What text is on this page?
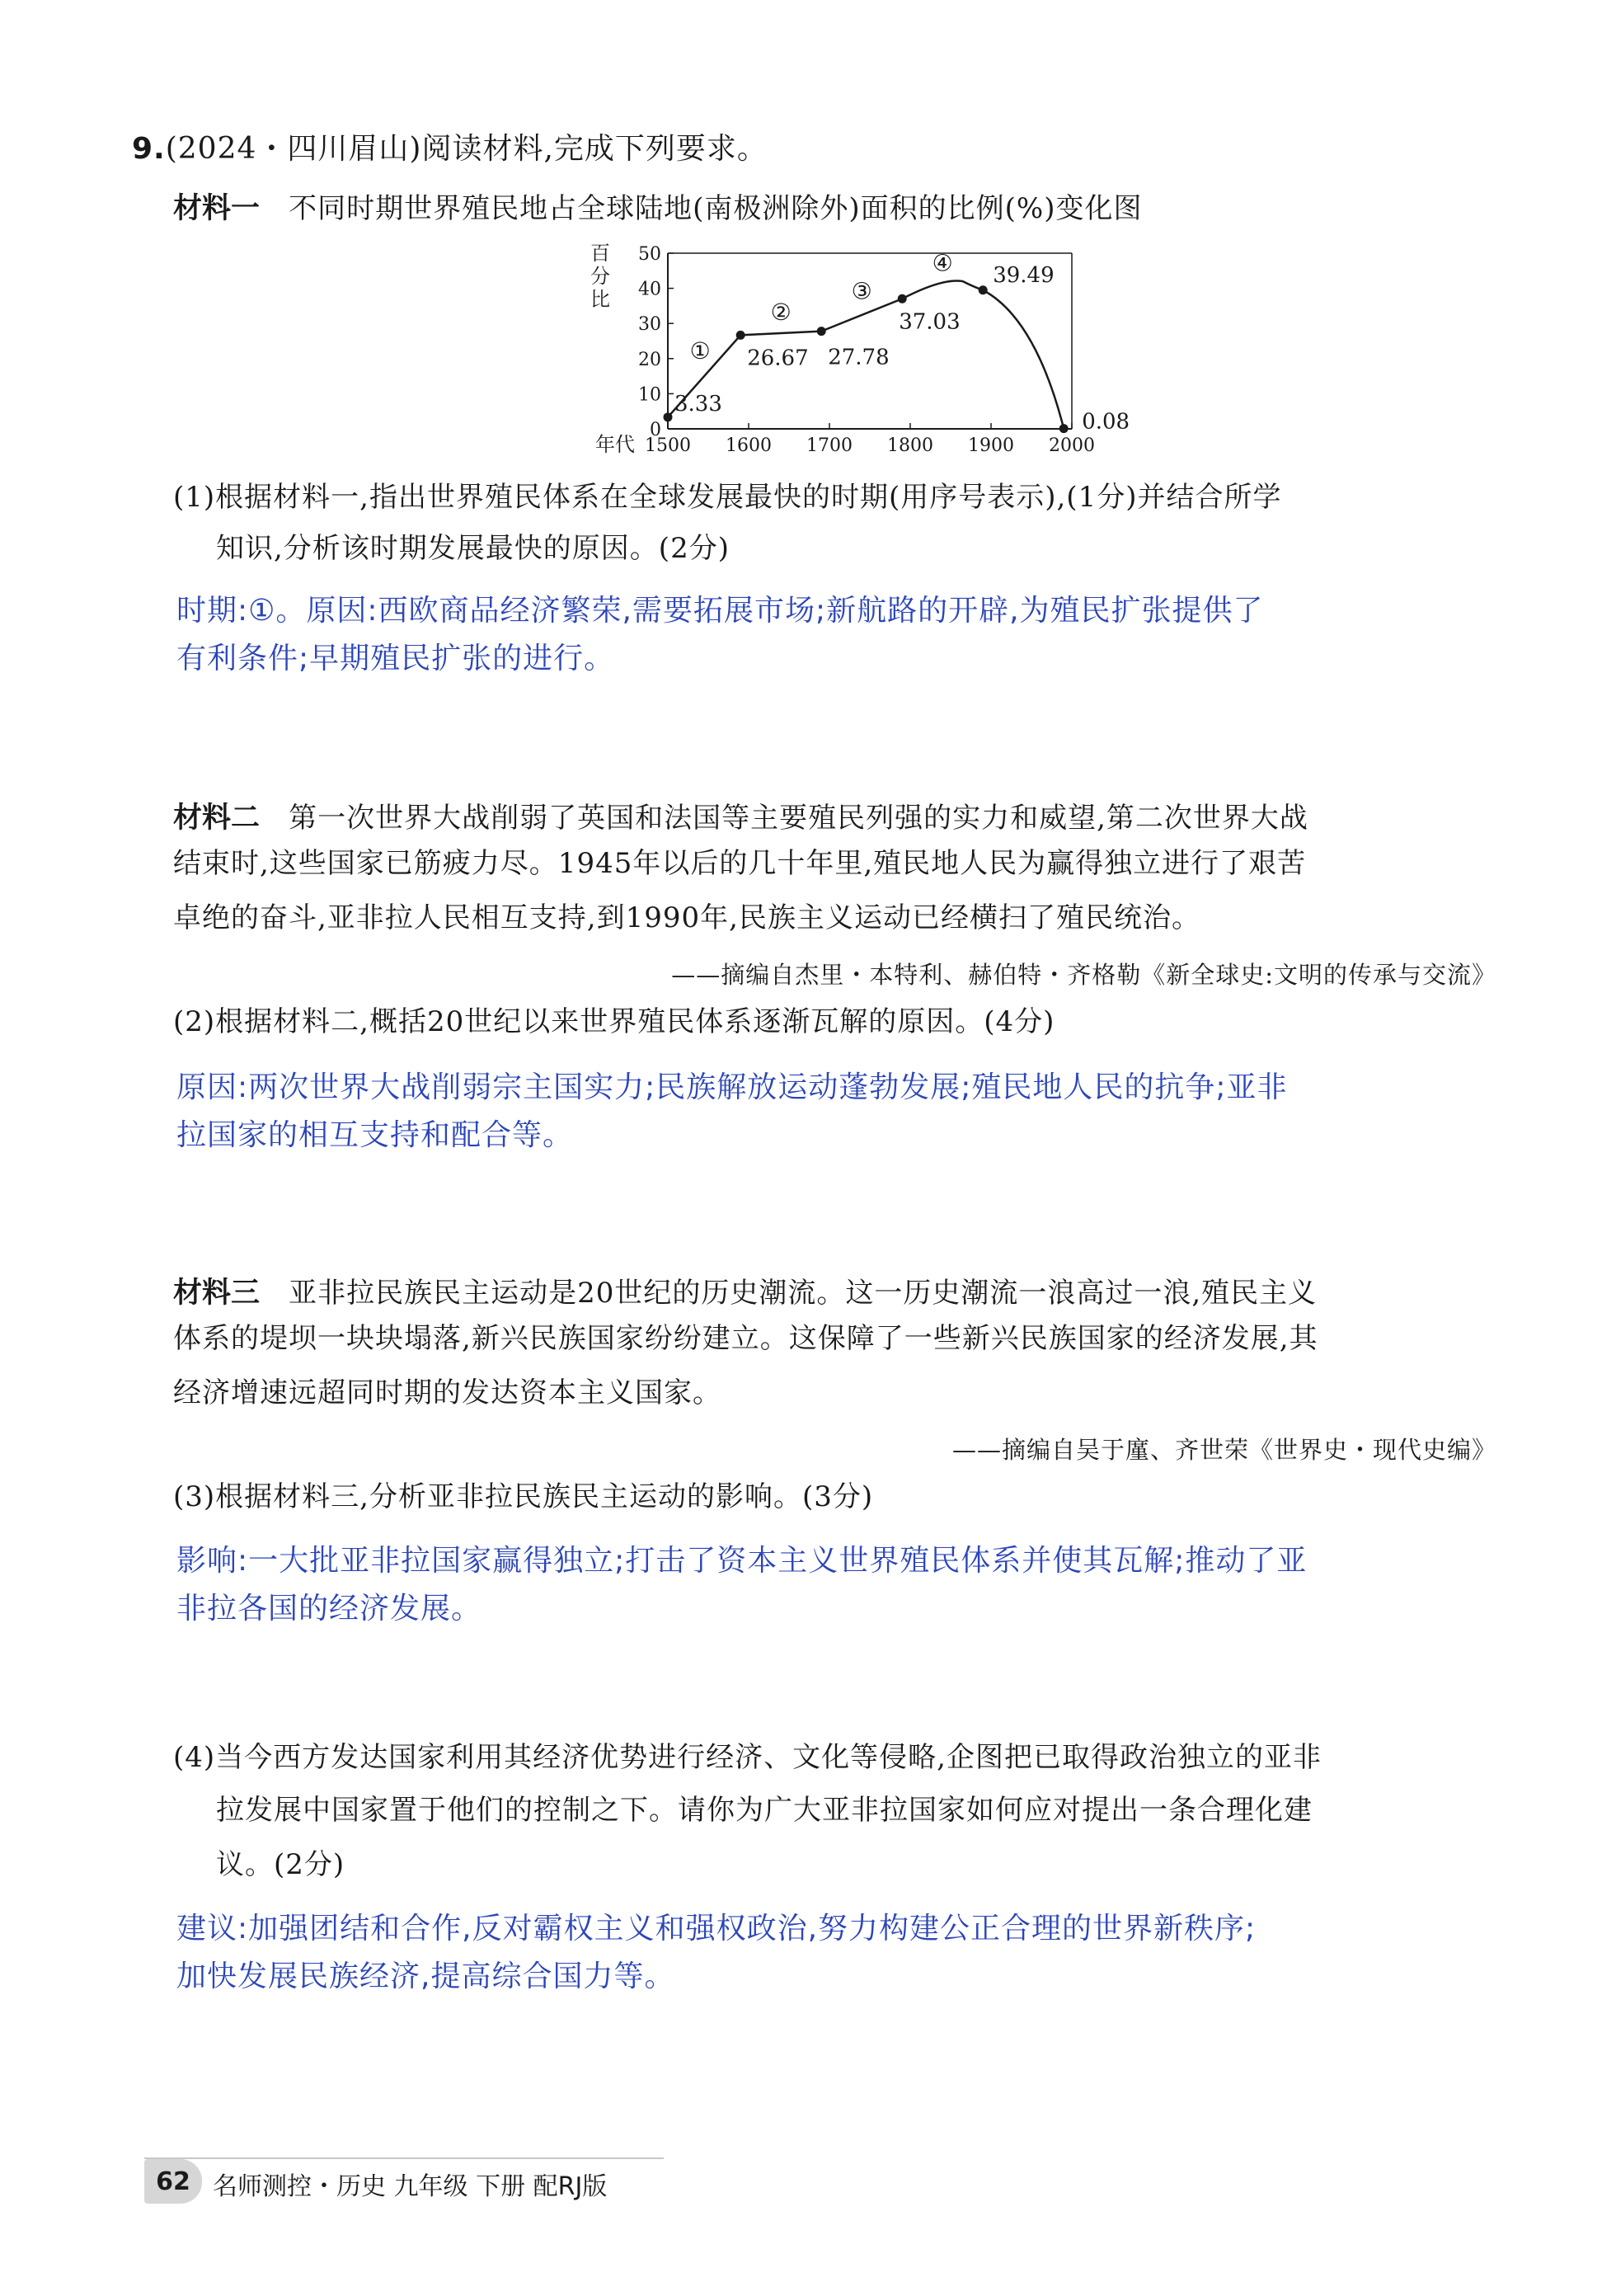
9.(2024・四川眉山)阅读材料,完成下列要求。
材料一 不同时期世界殖民地占全球陆地(南极洲除外)面积的比例(%)变化图
百
分
比
0
10
20
30
40
50
1500 1600 1700 1800 1900 2000
3.33
26.67 27.78
37.03
39.49
0.08
①
②
③
④
年代
(1)根据材料一,指出世界殖民体系在全球发展最快的时期(用序号表示),(1分)并结合所学
知识,分析该时期发展最快的原因。(2分)
时期:①。原因:西欧商品经济繁荣,需要拓展市场;新航路的开辟,为殖民扩张提供了
有利条件;早期殖民扩张的进行。
材料二 第一次世界大战削弱了英国和法国等主要殖民列强的实力和威望,第二次世界大战
结束时,这些国家已筋疲力尽。1945年以后的几十年里,殖民地人民为赢得独立进行了艰苦
卓绝的奋斗,亚非拉人民相互支持,到1990年,民族主义运动已经横扫了殖民统治。
——摘编自杰里・本特利、赫伯特・齐格勒《新全球史:文明的传承与交流》
(2)根据材料二,概括20世纪以来世界殖民体系逐渐瓦解的原因。(4分)
原因:两次世界大战削弱宗主国实力;民族解放运动蓬勃发展;殖民地人民的抗争;亚非
拉国家的相互支持和配合等。
材料三 亚非拉民族民主运动是20世纪的历史潮流。这一历史潮流一浪高过一浪,殖民主义
体系的堤坝一块块塌落,新兴民族国家纷纷建立。这保障了一些新兴民族国家的经济发展,其
经济增速远超同时期的发达资本主义国家。
——摘编自吴于廑、齐世荣《世界史・现代史编》
(3)根据材料三,分析亚非拉民族民主运动的影响。(3分)
影响:一大批亚非拉国家赢得独立;打击了资本主义世界殖民体系并使其瓦解;推动了亚
非拉各国的经济发展。
(4)当今西方发达国家利用其经济优势进行经济、文化等侵略,企图把已取得政治独立的亚非
拉发展中国家置于他们的控制之下。请你为广大亚非拉国家如何应对提出一条合理化建
议。(2分)
建议:加强团结和合作,反对霸权主义和强权政治,努力构建公正合理的世界新秩序;
加快发展民族经济,提高综合国力等。
62 名师测控・历史 九年级 下册 配RJ版
